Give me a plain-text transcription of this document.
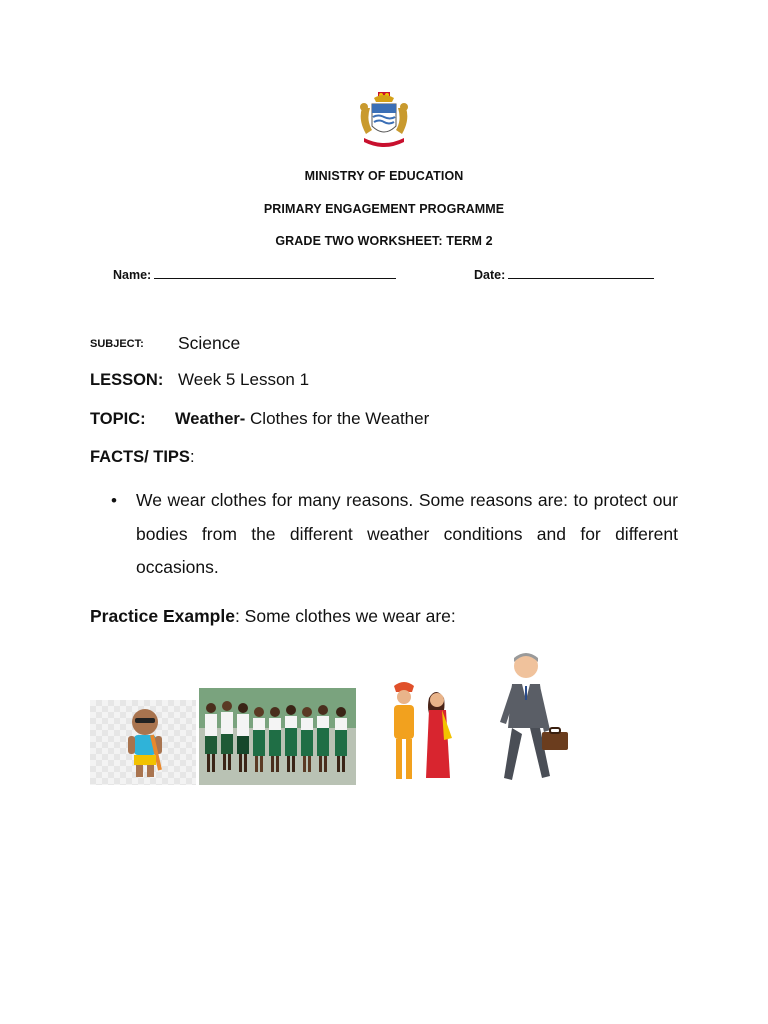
MINISTRY OF EDUCATION
PRIMARY ENGAGEMENT PROGRAMME
GRADE TWO WORKSHEET: TERM 2
Name:	Date:
SUBJECT: Science
LESSON: Week 5 Lesson 1
TOPIC: Weather- Clothes for the Weather
FACTS/ TIPS:
• We wear clothes for many reasons. Some reasons are: to protect our bodies from the different weather conditions and for different occasions.
Practice Example: Some clothes we wear are:
